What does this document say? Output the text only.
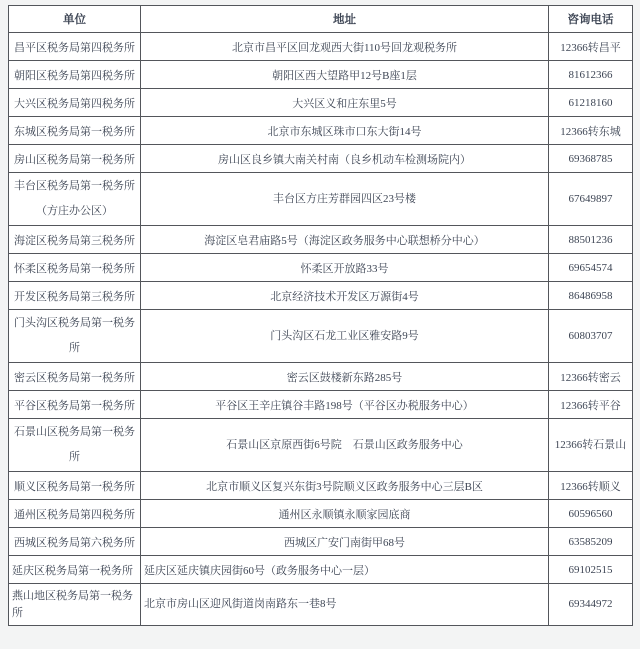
单位	地址	咨询电话
昌平区税务局第四税务所	北京市昌平区回龙观西大街110号回龙观税务所	12366转昌平
朝阳区税务局第四税务所	朝阳区西大望路甲12号B座1层	81612366
大兴区税务局第四税务所	大兴区义和庄东里5号	61218160
东城区税务局第一税务所	北京市东城区珠市口东大街14号	12366转东城
房山区税务局第一税务所	房山区良乡镇大南关村南（良乡机动车检测场院内）	69368785
丰台区税务局第一税务所（方庄办公区）	丰台区方庄芳群园四区23号楼	67649897
海淀区税务局第三税务所	海淀区皂君庙路5号（海淀区政务服务中心联想桥分中心）	88501236
怀柔区税务局第一税务所	怀柔区开放路33号	69654574
开发区税务局第三税务所	北京经济技术开发区万源街4号	86486958
门头沟区税务局第一税务所	门头沟区石龙工业区雅安路9号	60803707
密云区税务局第一税务所	密云区鼓楼新东路285号	12366转密云
平谷区税务局第一税务所	平谷区王辛庄镇谷丰路198号（平谷区办税服务中心）	12366转平谷
石景山区税务局第一税务所	石景山区京原西街6号院　石景山区政务服务中心	12366转石景山
顺义区税务局第一税务所	北京市顺义区复兴东街3号院顺义区政务服务中心三层B区	12366转顺义
通州区税务局第四税务所	通州区永顺镇永顺家园底商	60596560
西城区税务局第六税务所	西城区广安门南街甲68号	63585209
延庆区税务局第一税务所	延庆区延庆镇庆园街60号（政务服务中心一层）	69102515
燕山地区税务局第一税务所	北京市房山区迎风街道岗南路东一巷8号	69344972
